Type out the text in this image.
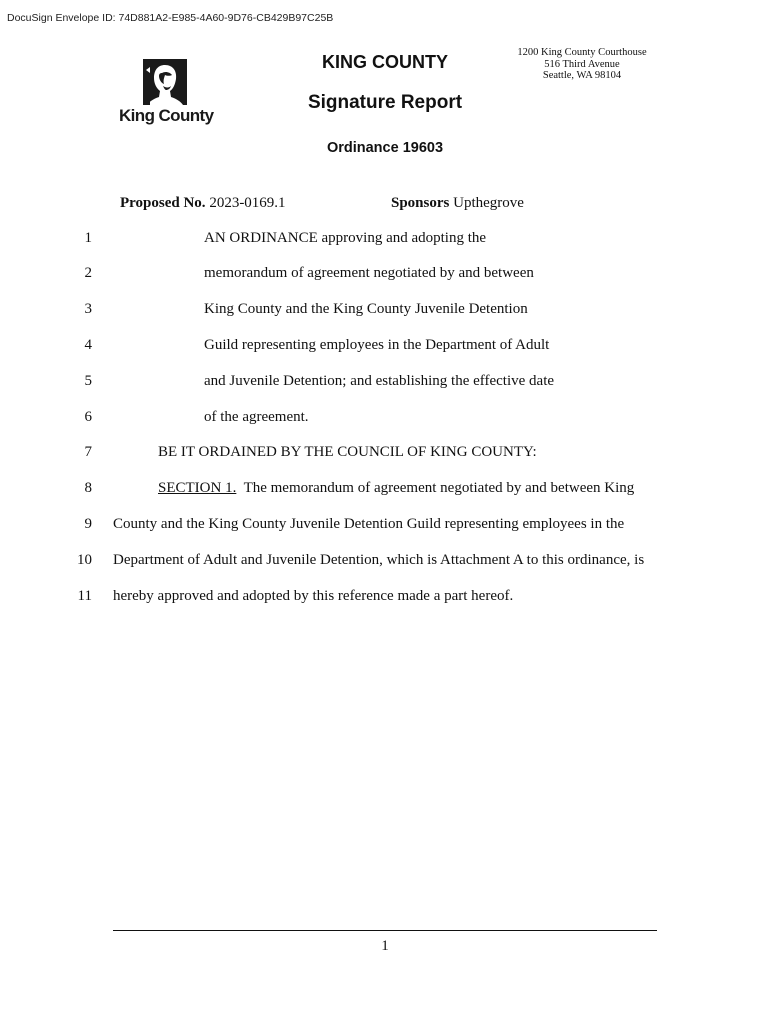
DocuSign Envelope ID: 74D881A2-E985-4A60-9D76-CB429B97C25B
King County
KING COUNTY
Signature Report
Ordinance 19603
1200 King County Courthouse
516 Third Avenue
Seattle, WA 98104
Proposed No. 2023-0169.1	Sponsors Upthegrove
1	AN ORDINANCE approving and adopting the
2	memorandum of agreement negotiated by and between
3	King County and the King County Juvenile Detention
4	Guild representing employees in the Department of Adult
5	and Juvenile Detention; and establishing the effective date
6	of the agreement.
7	BE IT ORDAINED BY THE COUNCIL OF KING COUNTY:
8	SECTION 1.  The memorandum of agreement negotiated by and between King
9 County and the King County Juvenile Detention Guild representing employees in the
10 Department of Adult and Juvenile Detention, which is Attachment A to this ordinance, is
11 hereby approved and adopted by this reference made a part hereof.
1
